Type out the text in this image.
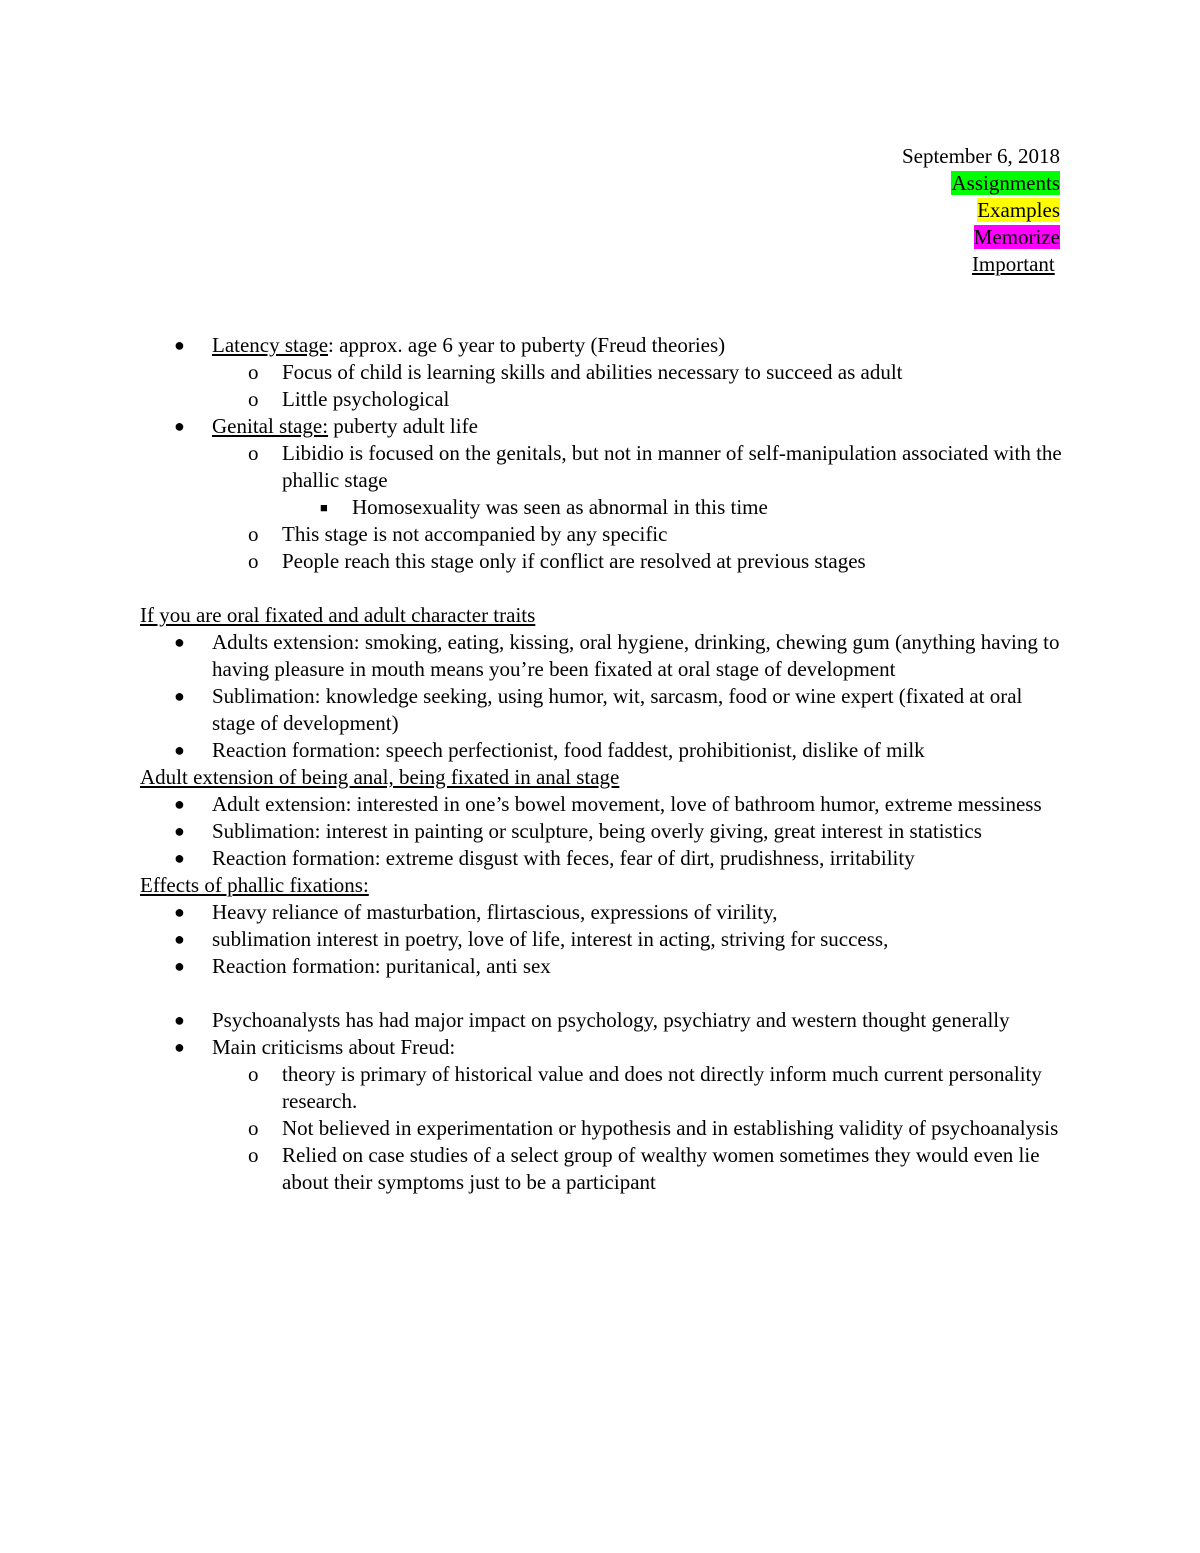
September 6, 2018
Assignments
Examples
Memorize
Important
● Latency stage: approx. age 6 year to puberty (Freud theories)
o Focus of child is learning skills and abilities necessary to succeed as adult
o Little psychological
● Genital stage: puberty adult life
o Libidio is focused on the genitals, but not in manner of self-manipulation associated with the phallic stage
■ Homosexuality was seen as abnormal in this time
o This stage is not accompanied by any specific
o People reach this stage only if conflict are resolved at previous stages
If you are oral fixated and adult character traits
● Adults extension: smoking, eating, kissing, oral hygiene, drinking, chewing gum (anything having to having pleasure in mouth means you’re been fixated at oral stage of development
● Sublimation: knowledge seeking, using humor, wit, sarcasm, food or wine expert (fixated at oral stage of development)
● Reaction formation: speech perfectionist, food faddest, prohibitionist, dislike of milk
Adult extension of being anal, being fixated in anal stage
● Adult extension: interested in one’s bowel movement, love of bathroom humor, extreme messiness
● Sublimation: interest in painting or sculpture, being overly giving, great interest in statistics
● Reaction formation: extreme disgust with feces, fear of dirt, prudishness, irritability
Effects of phallic fixations:
● Heavy reliance of masturbation, flirtascious, expressions of virility,
● sublimation interest in poetry, love of life, interest in acting, striving for success,
● Reaction formation: puritanical, anti sex
● Psychoanalysts has had major impact on psychology, psychiatry and western thought generally
● Main criticisms about Freud:
o theory is primary of historical value and does not directly inform much current personality research.
o Not believed in experimentation or hypothesis and in establishing validity of psychoanalysis
o Relied on case studies of a select group of wealthy women sometimes they would even lie about their symptoms just to be a participant
